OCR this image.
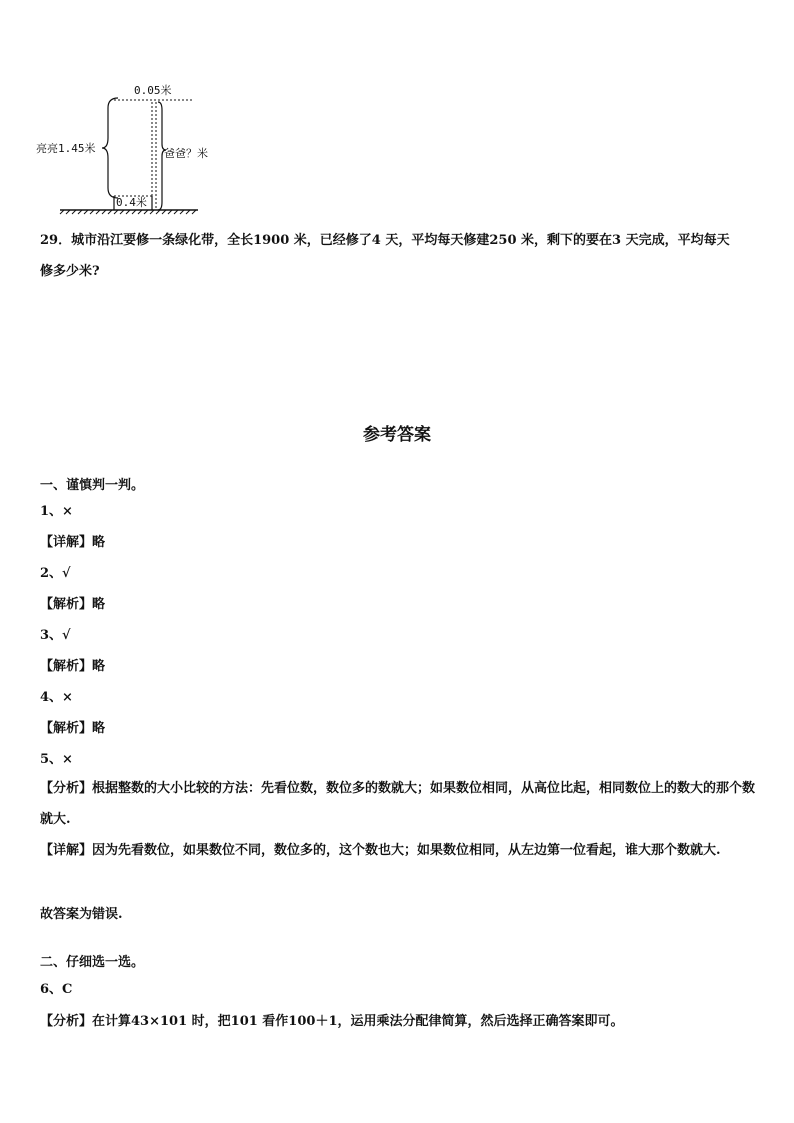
0.05米
亮亮1.45米	爸爸？米
0.4米
29．城市沿江要修一条绿化带，全长1900 米，已经修了4 天，平均每天修建250 米，剩下的要在3 天完成，平均每天
修多少米?
参考答案
一、谨慎判一判。
1、×
【详解】略
2、√
【解析】略
3、√
【解析】略
4、×
【解析】略
5、×
【分析】根据整数的大小比较的方法：先看位数，数位多的数就大；如果数位相同，从高位比起，相同数位上的数大的那个数就大.
【详解】因为先看数位，如果数位不同，数位多的，这个数也大；如果数位相同，从左边第一位看起，谁大那个数就大.
故答案为错误.
二、仔细选一选。
6、C
【分析】在计算43×101 时，把101 看作100＋1，运用乘法分配律简算，然后选择正确答案即可。
